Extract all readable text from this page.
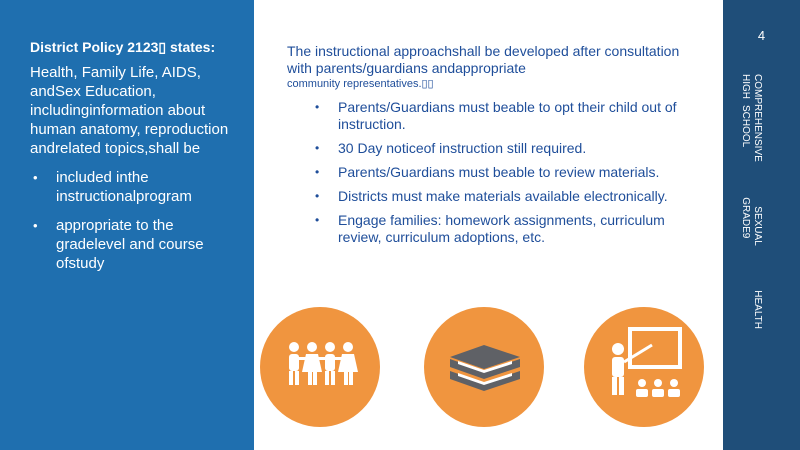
District Policy 2123▯ states:

Health, Family Life, AIDS, andSex Education, includinginformation about human anatomy, reproduction andrelated topics,shall be

• included inthe instructionalprogram
• appropriate to the gradelevel and course ofstudy

The instructional approachshall be developed after consultation with parents/guardians andappropriate

community representatives.▯▯

• Parents/Guardians must beable to opt their child out of instruction.
• 30 Day noticeof instruction still required.
• Parents/Guardians must beable to review materials.
• Districts must make materials available electronically.
• Engage families: homework assignments, curriculum review, curriculum adoptions, etc.
4
COMPREHENSIVE
SEXUAL
HEALTH
HIGH
SCHOOL
GRADE9
